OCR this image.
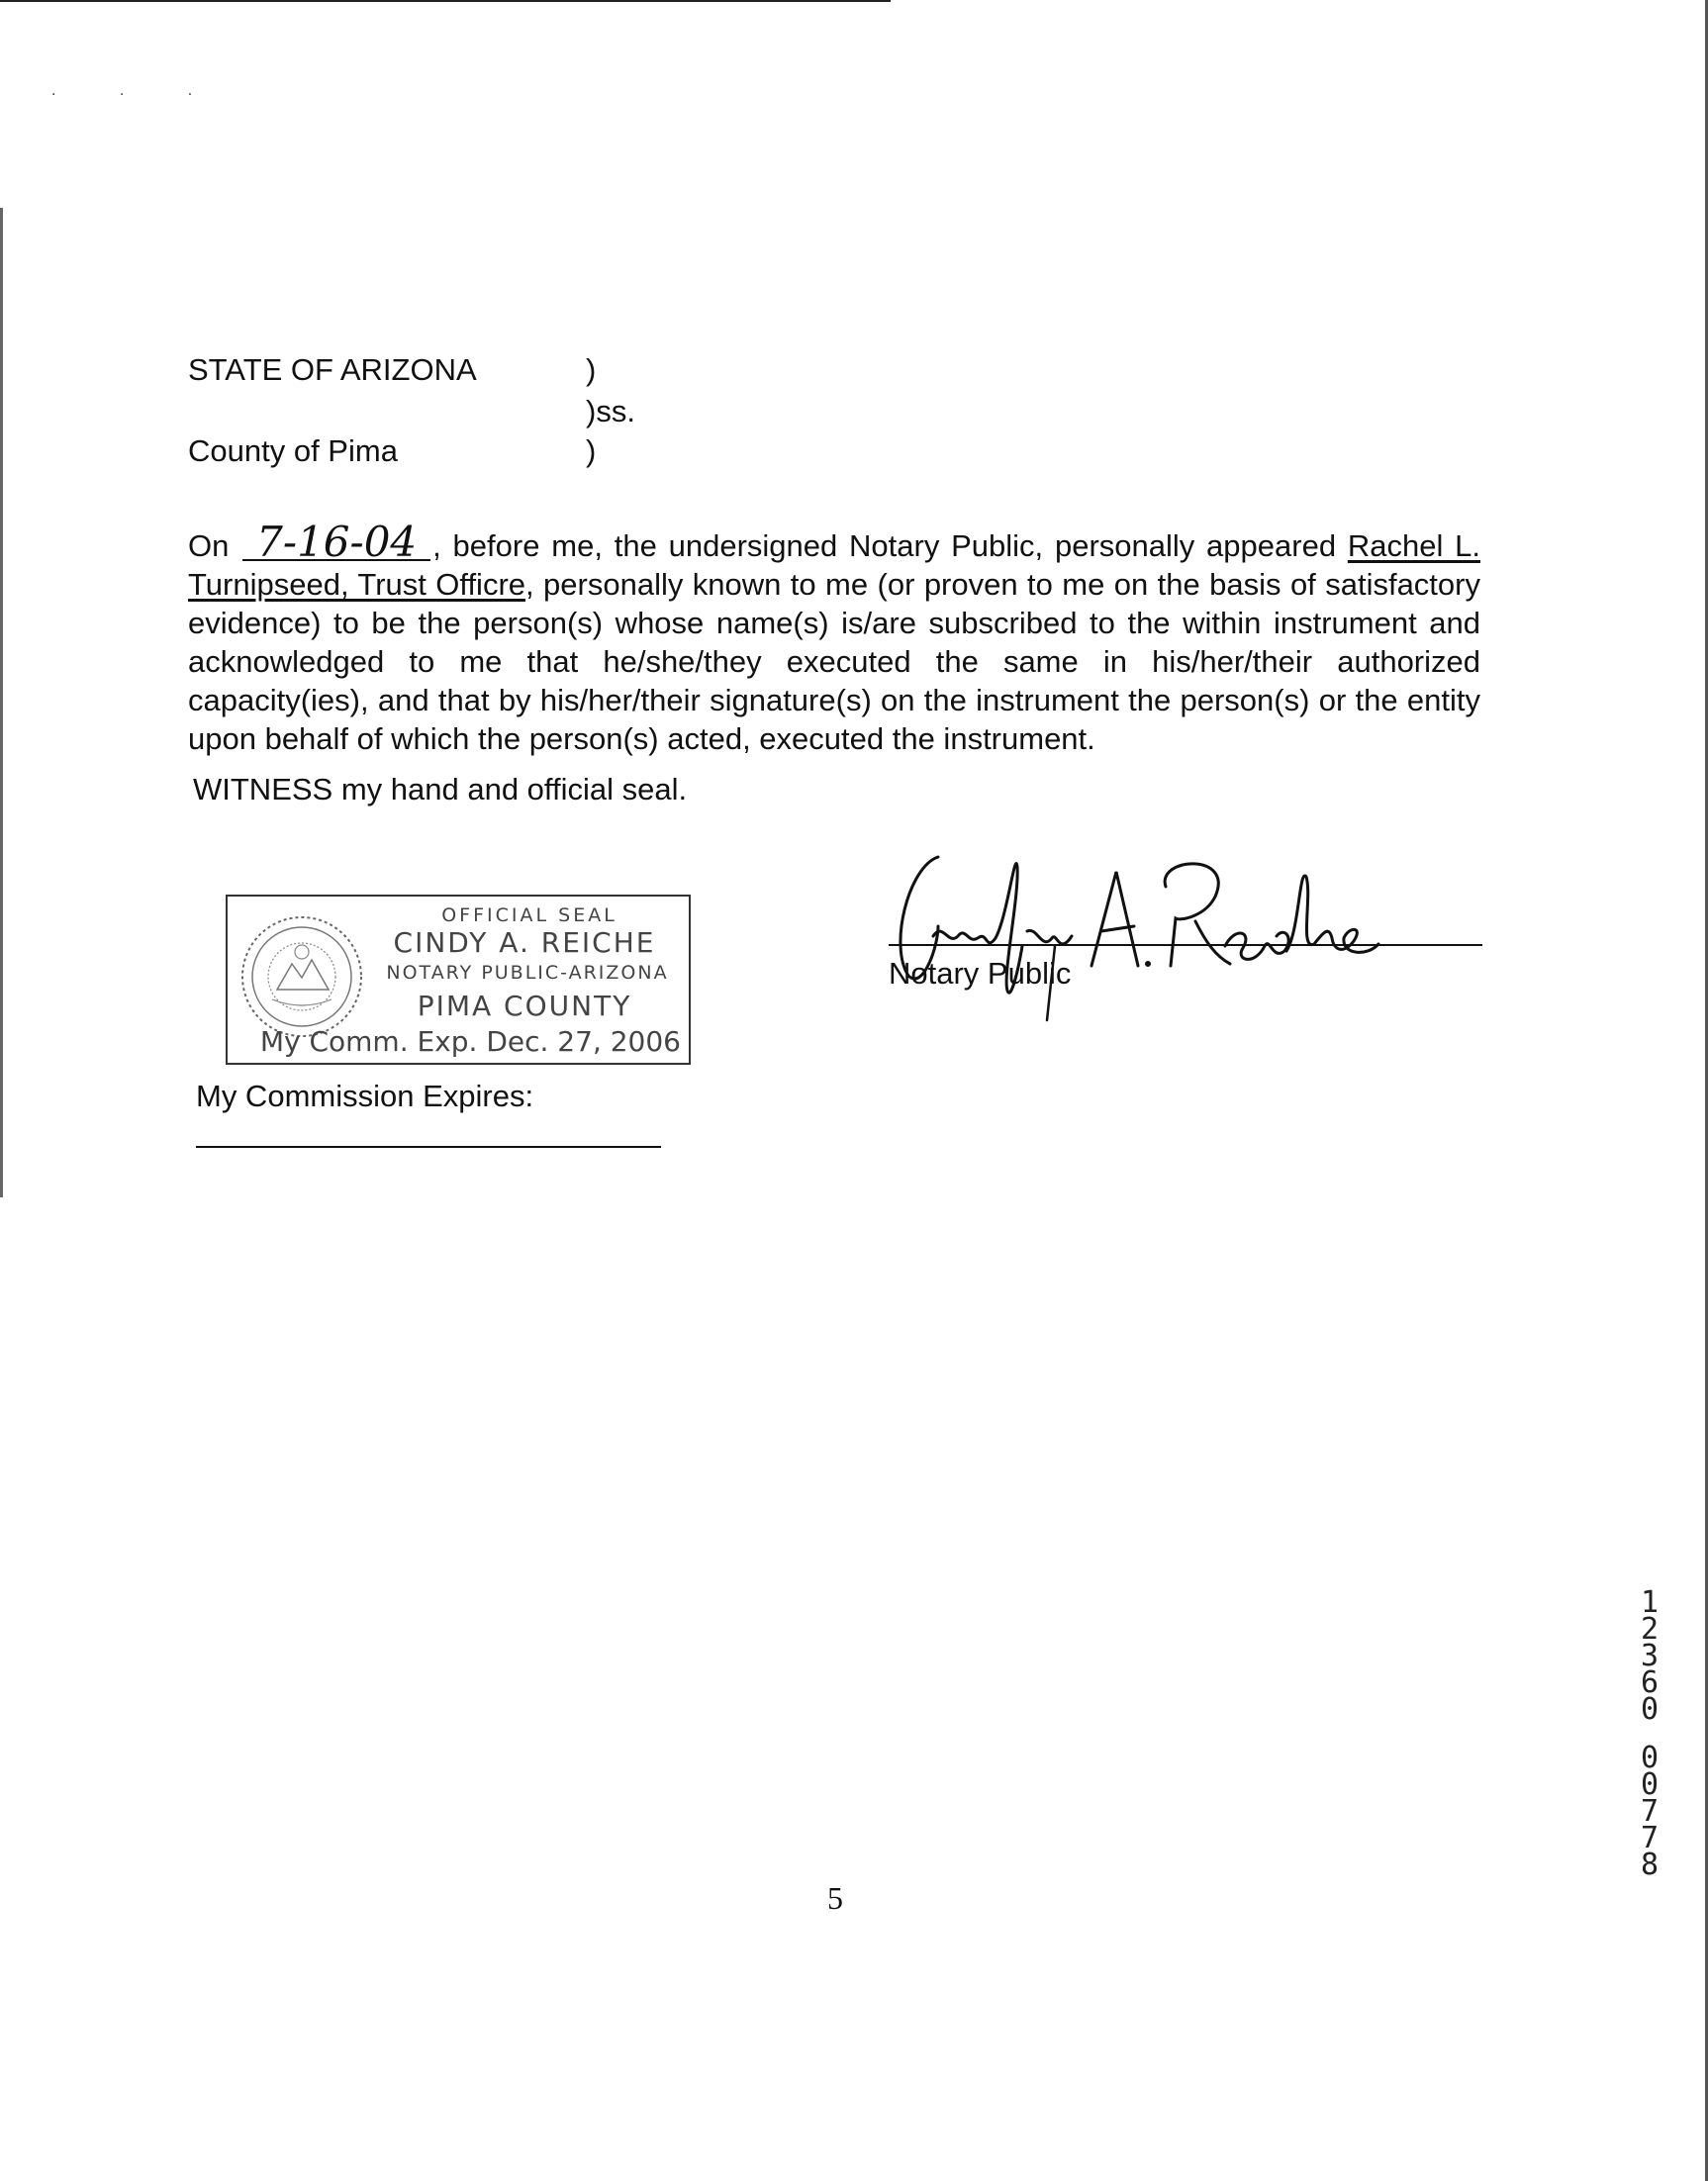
· · ·
STATE OF ARIZONA	)
)ss.
County of Pima	)

On 7-16-04 , before me, the undersigned Notary Public, personally appeared Rachel L. Turnipseed, Trust Officre, personally known to me (or proven to me on the basis of satisfactory evidence) to be the person(s) whose name(s) is/are subscribed to the within instrument and acknowledged to me that he/she/they executed the same in his/her/their authorized capacity(ies), and that by his/her/their signature(s) on the instrument the person(s) or the entity upon behalf of which the person(s) acted, executed the instrument.

WITNESS my hand and official seal.
OFFICIAL SEAL
CINDY A. REICHE
NOTARY PUBLIC-ARIZONA
PIMA COUNTY
My Comm. Exp. Dec. 27, 2006
My Commission Expires:
Notary Public
5
12360
00778
